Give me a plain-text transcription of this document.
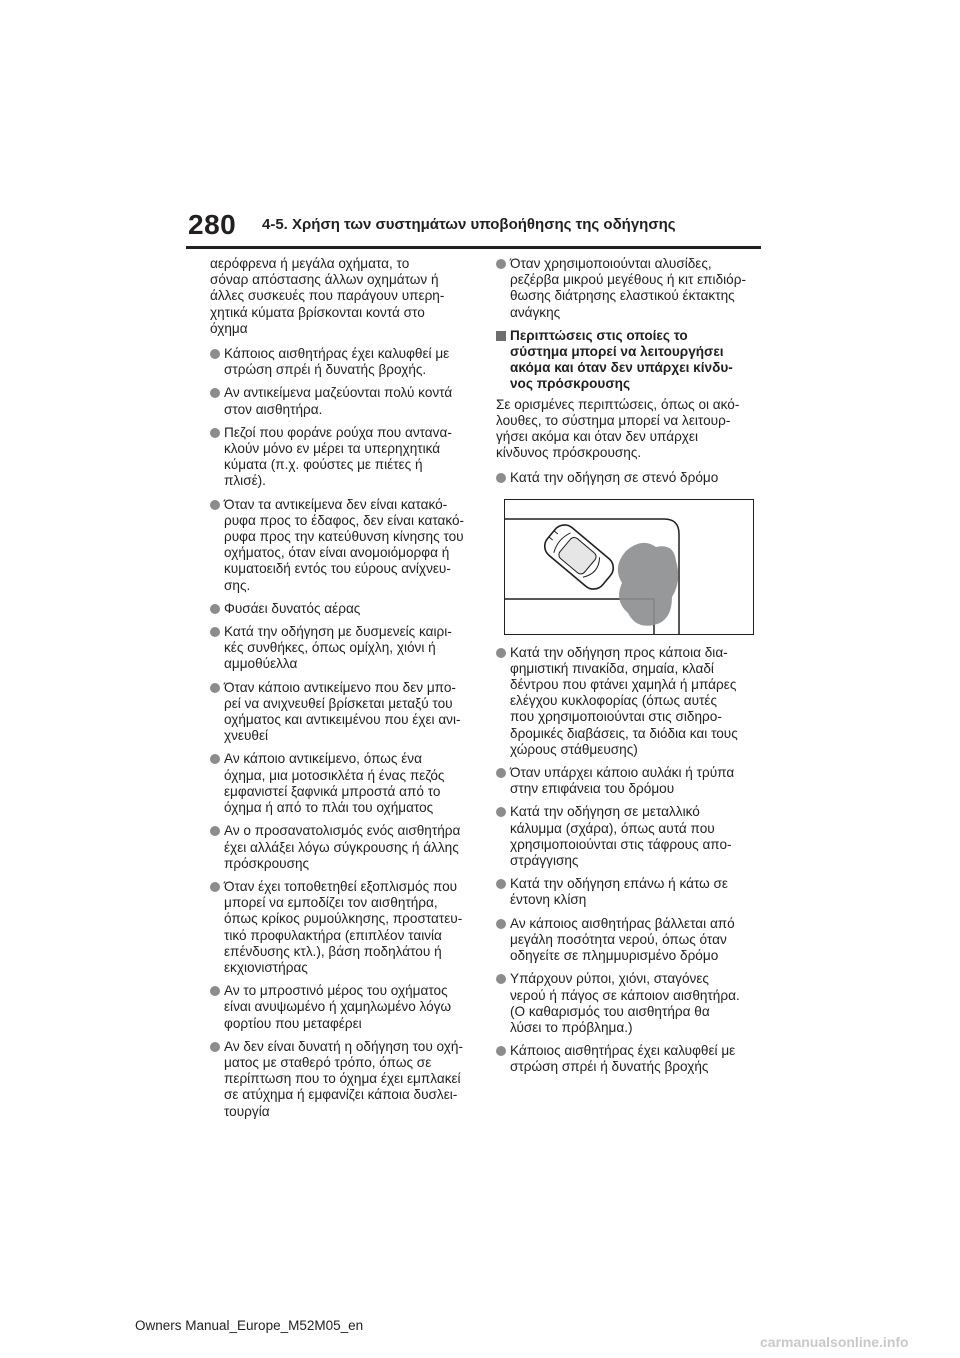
280 4-5. Χρήση των συστημάτων υποβοήθησης της οδήγησης
αερόφρενα ή μεγάλα οχήματα, το
σόναρ απόστασης άλλων οχημάτων ή
άλλες συσκευές που παράγουν υπερη-
χητικά κύματα βρίσκονται κοντά στο
όχημα
Κάποιος αισθητήρας έχει καλυφθεί με
στρώση σπρέι ή δυνατής βροχής.
Αν αντικείμενα μαζεύονται πολύ κοντά
στον αισθητήρα.
Πεζοί που φοράνε ρούχα που ανταvα-
κλούν μόνο εν μέρει τα υπερηχητικά
κύματα (π.χ. φούστες με πιέτες ή
πλισέ).
Όταν τα αντικείμενα δεν είναι κατακό-
ρυφα προς το έδαφος, δεν είναι κατακό-
ρυφα προς την κατεύθυνση κίνησης του
οχήματος, όταν είναι ανομοιόμορφα ή
κυματοειδή εντός του εύρους ανίχνευ-
σης.
Φυσάει δυνατός αέρας
Κατά την οδήγηση με δυσμενείς καιρι-
κές συνθήκες, όπως ομίχλη, χιόνι ή
αμμοθύελλα
Όταν κάποιο αντικείμενο που δεν μπο-
ρεί να ανιχνευθεί βρίσκεται μεταξύ του
οχήματος και αντικειμένου που έχει ανι-
χνευθεί
Αν κάποιο αντικείμενο, όπως ένα
όχημα, μια μοτοσικλέτα ή ένας πεζός
εμφανιστεί ξαφνικά μπροστά από το
όχημα ή από το πλάι του οχήματος
Αν ο προσανατολισμός ενός αισθητήρα
έχει αλλάξει λόγω σύγκρουσης ή άλλης
πρόσκρουσης
Όταν έχει τοποθετηθεί εξοπλισμός που
μπορεί να εμποδίζει τον αισθητήρα,
όπως κρίκος ρυμούλκησης, προστατευ-
τικό προφυλακτήρα (επιπλέον ταινία
επένδυσης κτλ.), βάση ποδηλάτου ή
εκχιονιστήρας
Αν το μπροστινό μέρος του οχήματος
είναι ανυψωμένο ή χαμηλωμένο λόγω
φορτίου που μεταφέρει
Αν δεν είναι δυνατή η οδήγηση του οχή-
ματος με σταθερό τρόπο, όπως σε
περίπτωση που το όχημα έχει εμπλακεί
σε ατύχημα ή εμφανίζει κάποια δυσλει-
τουργία
Όταν χρησιμοποιούνται αλυσίδες,
ρεζέρβα μικρού μεγέθους ή κιτ επιδιόρ-
θωσης διάτρησης ελαστικού έκτακτης
ανάγκης
Περιπτώσεις στις οποίες το
σύστημα μπορεί να λειτουργήσει
ακόμα και όταν δεν υπάρχει κίνδυ-
νος πρόσκρουσης
Σε ορισμένες περιπτώσεις, όπως οι ακό-
λουθες, το σύστημα μπορεί να λειτουρ-
γήσει ακόμα και όταν δεν υπάρχει
κίνδυνος πρόσκρουσης.
Κατά την οδήγηση σε στενό δρόμο
Κατά την οδήγηση προς κάποια δια-
φημιστική πινακίδα, σημαία, κλαδί
δέντρου που φτάνει χαμηλά ή μπάρες
ελέγχου κυκλοφορίας (όπως αυτές
που χρησιμοποιούνται στις σιδηρο-
δρομικές διαβάσεις, τα διόδια και τους
χώρους στάθμευσης)
Όταν υπάρχει κάποιο αυλάκι ή τρύπα
στην επιφάνεια του δρόμου
Κατά την οδήγηση σε μεταλλικό
κάλυμμα (σχάρα), όπως αυτά που
χρησιμοποιούνται στις τάφρους απο-
στράγγισης
Κατά την οδήγηση επάνω ή κάτω σε
έντονη κλίση
Αν κάποιος αισθητήρας βάλλεται από
μεγάλη ποσότητα νερού, όπως όταν
οδηγείτε σε πλημμυρισμένο δρόμο
Υπάρχουν ρύποι, χιόνι, σταγόνες
νερού ή πάγος σε κάποιον αισθητήρα.
(Ο καθαρισμός του αισθητήρα θα
λύσει το πρόβλημα.)
Κάποιος αισθητήρας έχει καλυφθεί με
στρώση σπρέι ή δυνατής βροχής
Owners Manual_Europe_M52M05_en
carmanualsonline.info
